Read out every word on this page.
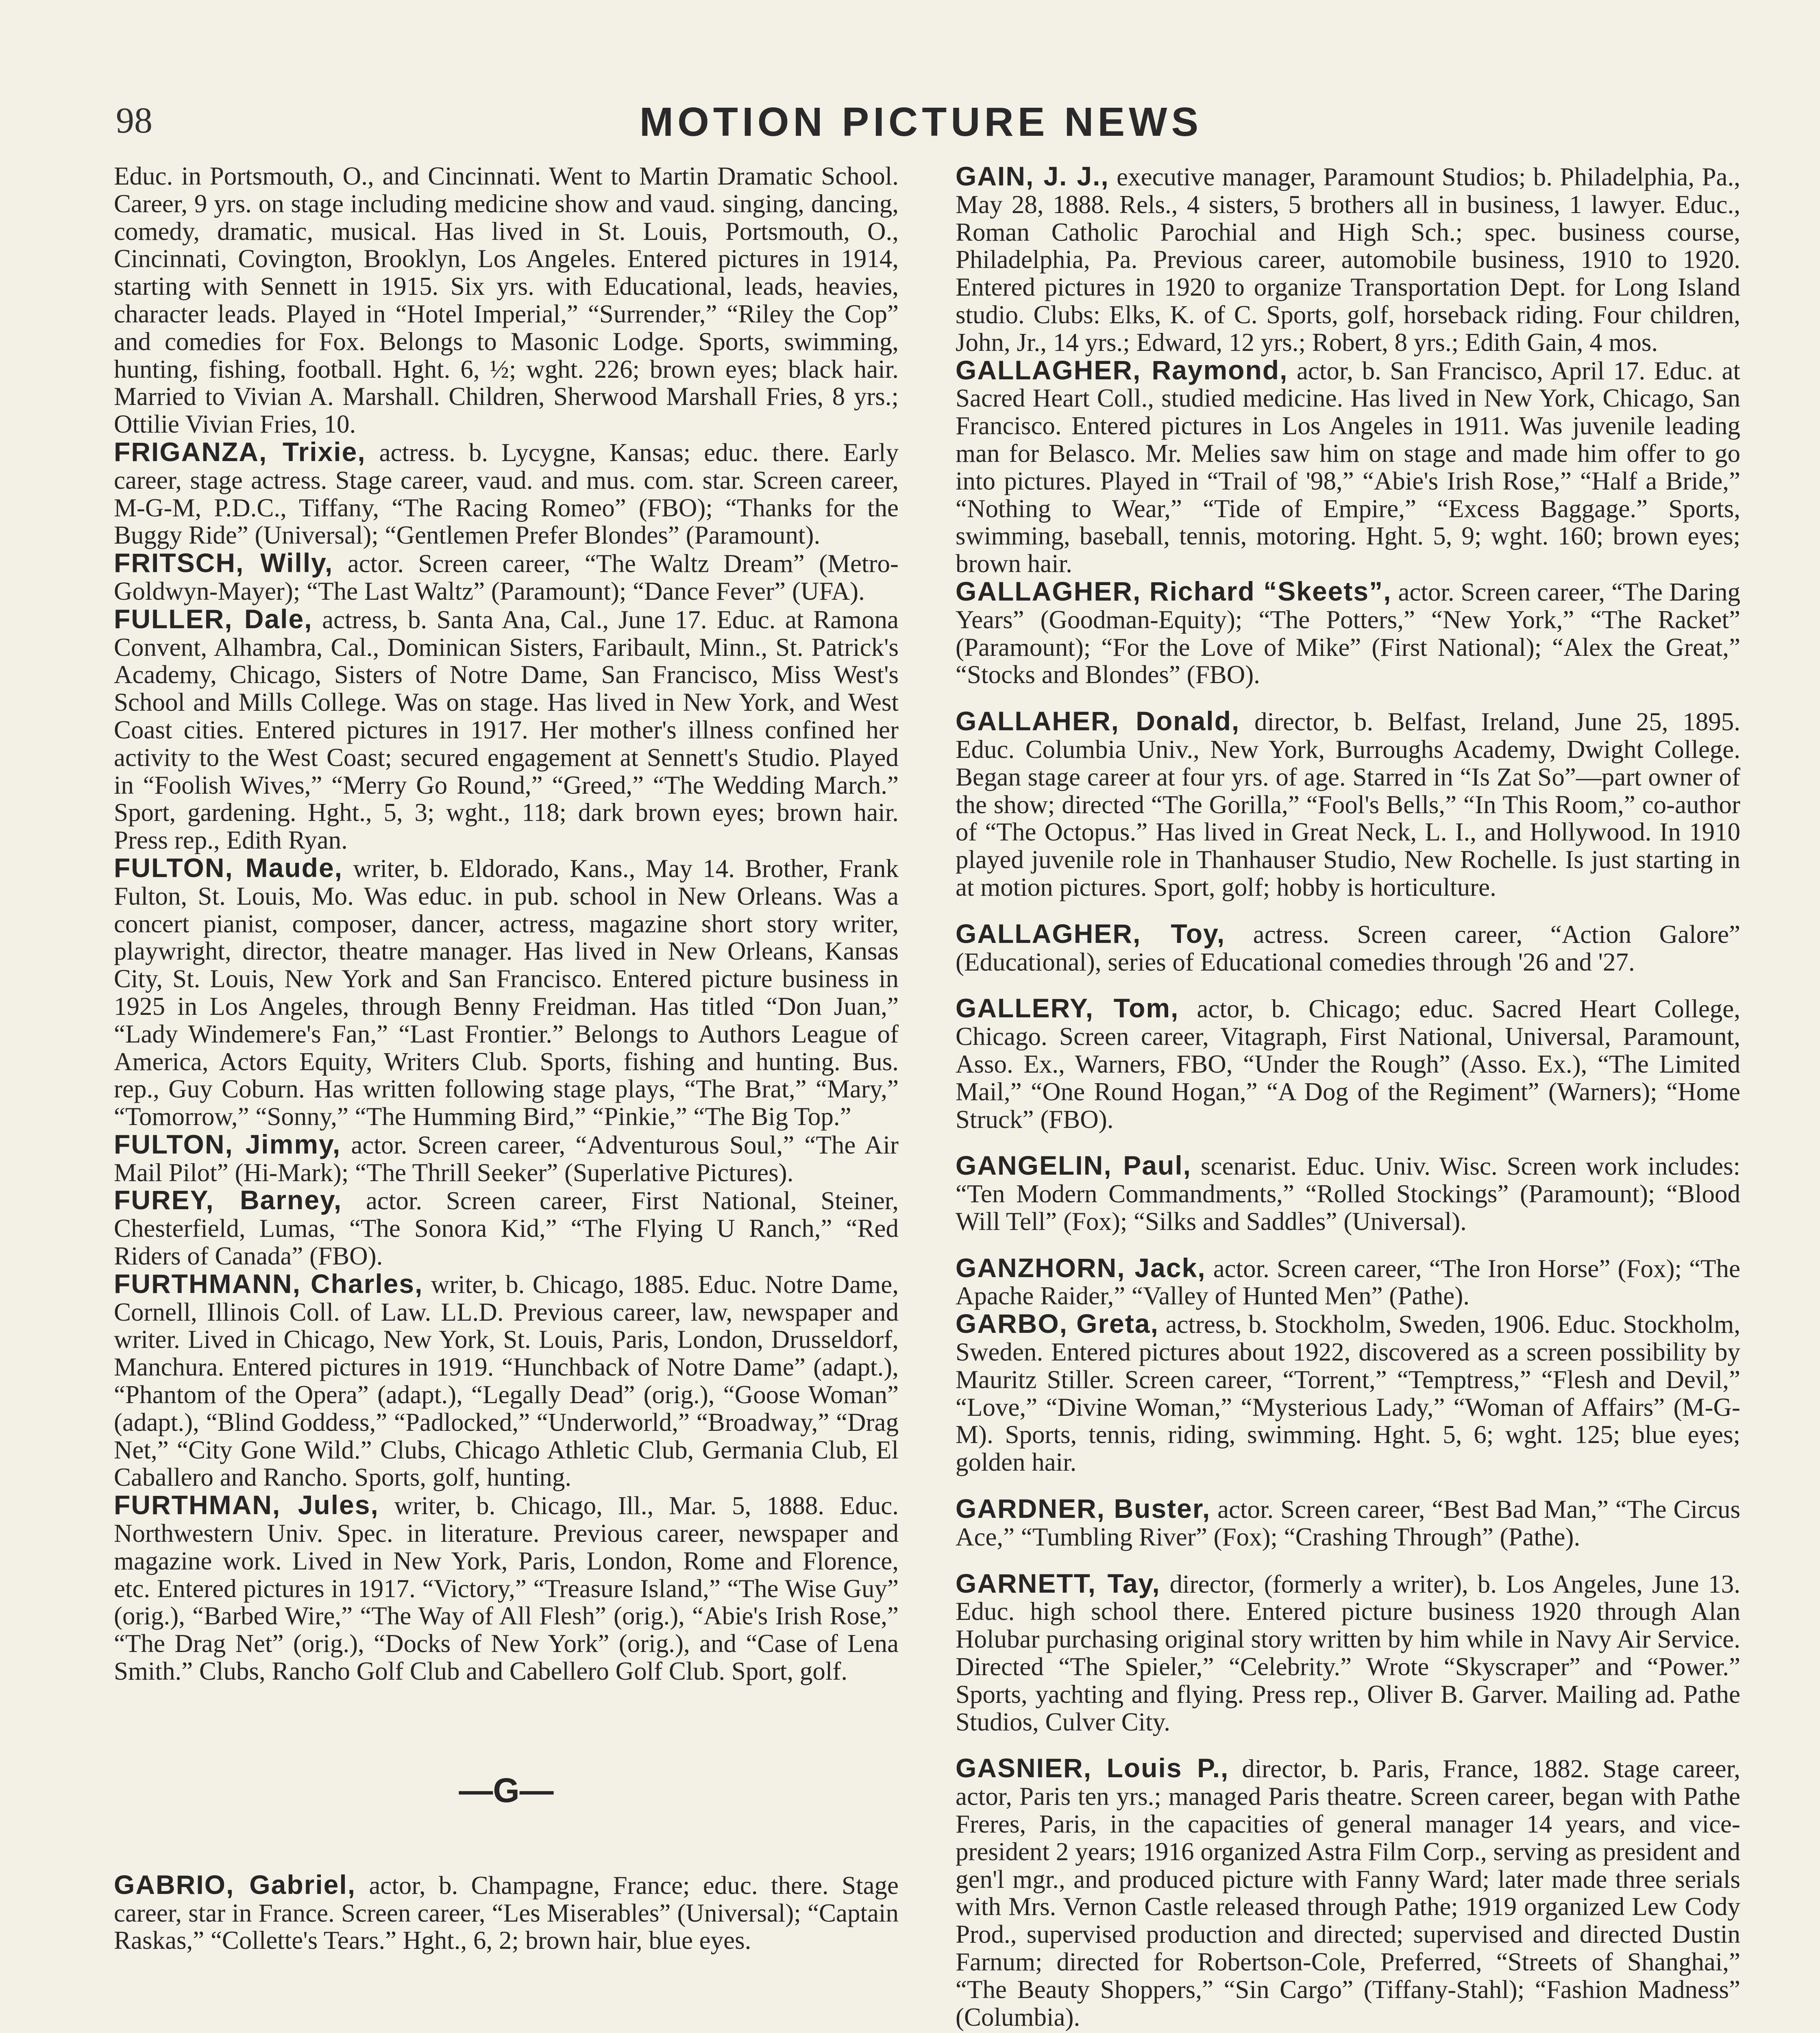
98	MOTION PICTURE NEWS

Educ. in Portsmouth, O., and Cincinnati. Went to Martin Dramatic School. Career, 9 yrs. on stage including medicine show and vaud. singing, dancing, comedy, dramatic, musical. Has lived in St. Louis, Portsmouth, O., Cincinnati, Covington, Brooklyn, Los Angeles. Entered pictures in 1914, starting with Sennett in 1915. Six yrs. with Educational, leads, heavies, character leads. Played in “Hotel Imperial,” “Surrender,” “Riley the Cop” and comedies for Fox. Belongs to Masonic Lodge. Sports, swimming, hunting, fishing, football. Hght. 6, ½; wght. 226; brown eyes; black hair. Married to Vivian A. Marshall. Children, Sherwood Marshall Fries, 8 yrs.; Ottilie Vivian Fries, 10.

FRIGANZA, Trixie, actress. b. Lycygne, Kansas; educ. there. Early career, stage actress. Stage career, vaud. and mus. com. star. Screen career, M-G-M, P.D.C., Tiffany, “The Racing Romeo” (FBO); “Thanks for the Buggy Ride” (Universal); “Gentlemen Prefer Blondes” (Paramount).

FRITSCH, Willy, actor. Screen career, “The Waltz Dream” (Metro-Goldwyn-Mayer); “The Last Waltz” (Paramount); “Dance Fever” (UFA).

FULLER, Dale, actress, b. Santa Ana, Cal., June 17. Educ. at Ramona Convent, Alhambra, Cal., Dominican Sisters, Faribault, Minn., St. Patrick's Academy, Chicago, Sisters of Notre Dame, San Francisco, Miss West's School and Mills College. Was on stage. Has lived in New York, and West Coast cities. Entered pictures in 1917. Her mother's illness confined her activity to the West Coast; secured engagement at Sennett's Studio. Played in “Foolish Wives,” “Merry Go Round,” “Greed,” “The Wedding March.” Sport, gardening. Hght., 5, 3; wght., 118; dark brown eyes; brown hair. Press rep., Edith Ryan.

FULTON, Maude, writer, b. Eldorado, Kans., May 14. Brother, Frank Fulton, St. Louis, Mo. Was educ. in pub. school in New Orleans. Was a concert pianist, composer, dancer, actress, magazine short story writer, playwright, director, theatre manager. Has lived in New Orleans, Kansas City, St. Louis, New York and San Francisco. Entered picture business in 1925 in Los Angeles, through Benny Freidman. Has titled “Don Juan,” “Lady Windemere's Fan,” “Last Frontier.” Belongs to Authors League of America, Actors Equity, Writers Club. Sports, fishing and hunting. Bus. rep., Guy Coburn. Has written following stage plays, “The Brat,” “Mary,” “Tomorrow,” “Sonny,” “The Humming Bird,” “Pinkie,” “The Big Top.”

FULTON, Jimmy, actor. Screen career, “Adventurous Soul,” “The Air Mail Pilot” (Hi-Mark); “The Thrill Seeker” (Superlative Pictures).

FUREY, Barney, actor. Screen career, First National, Steiner, Chesterfield, Lumas, “The Sonora Kid,” “The Flying U Ranch,” “Red Riders of Canada” (FBO).

FURTHMANN, Charles, writer, b. Chicago, 1885. Educ. Notre Dame, Cornell, Illinois Coll. of Law. LL.D. Previous career, law, newspaper and writer. Lived in Chicago, New York, St. Louis, Paris, London, Drusseldorf, Manchura. Entered pictures in 1919. “Hunchback of Notre Dame” (adapt.), “Phantom of the Opera” (adapt.), “Legally Dead” (orig.), “Goose Woman” (adapt.), “Blind Goddess,” “Padlocked,” “Underworld,” “Broadway,” “Drag Net,” “City Gone Wild.” Clubs, Chicago Athletic Club, Germania Club, El Caballero and Rancho. Sports, golf, hunting.

FURTHMAN, Jules, writer, b. Chicago, Ill., Mar. 5, 1888. Educ. Northwestern Univ. Spec. in literature. Previous career, newspaper and magazine work. Lived in New York, Paris, London, Rome and Florence, etc. Entered pictures in 1917. “Victory,” “Treasure Island,” “The Wise Guy” (orig.), “Barbed Wire,” “The Way of All Flesh” (orig.), “Abie's Irish Rose,” “The Drag Net” (orig.), “Docks of New York” (orig.), and “Case of Lena Smith.” Clubs, Rancho Golf Club and Cabellero Golf Club. Sport, golf.

—G—

GABRIO, Gabriel, actor, b. Champagne, France; educ. there. Stage career, star in France. Screen career, “Les Miserables” (Universal); “Captain Raskas,” “Collette's Tears.” Hght., 6, 2; brown hair, blue eyes.

GAIN, J. J., executive manager, Paramount Studios; b. Philadelphia, Pa., May 28, 1888. Rels., 4 sisters, 5 brothers all in business, 1 lawyer. Educ., Roman Catholic Parochial and High Sch.; spec. business course, Philadelphia, Pa. Previous career, automobile business, 1910 to 1920. Entered pictures in 1920 to organize Transportation Dept. for Long Island studio. Clubs: Elks, K. of C. Sports, golf, horseback riding. Four children, John, Jr., 14 yrs.; Edward, 12 yrs.; Robert, 8 yrs.; Edith Gain, 4 mos.

GALLAGHER, Raymond, actor, b. San Francisco, April 17. Educ. at Sacred Heart Coll., studied medicine. Has lived in New York, Chicago, San Francisco. Entered pictures in Los Angeles in 1911. Was juvenile leading man for Belasco. Mr. Melies saw him on stage and made him offer to go into pictures. Played in “Trail of '98,” “Abie's Irish Rose,” “Half a Bride,” “Nothing to Wear,” “Tide of Empire,” “Excess Baggage.” Sports, swimming, baseball, tennis, motoring. Hght. 5, 9; wght. 160; brown eyes; brown hair.

GALLAGHER, Richard “Skeets”, actor. Screen career, “The Daring Years” (Goodman-Equity); “The Potters,” “New York,” “The Racket” (Paramount); “For the Love of Mike” (First National); “Alex the Great,” “Stocks and Blondes” (FBO).

GALLAHER, Donald, director, b. Belfast, Ireland, June 25, 1895. Educ. Columbia Univ., New York, Burroughs Academy, Dwight College. Began stage career at four yrs. of age. Starred in “Is Zat So”—part owner of the show; directed “The Gorilla,” “Fool's Bells,” “In This Room,” co-author of “The Octopus.” Has lived in Great Neck, L. I., and Hollywood. In 1910 played juvenile role in Thanhauser Studio, New Rochelle. Is just starting in at motion pictures. Sport, golf; hobby is horticulture.

GALLAGHER, Toy, actress. Screen career, “Action Galore” (Educational), series of Educational comedies through '26 and '27.

GALLERY, Tom, actor, b. Chicago; educ. Sacred Heart College, Chicago. Screen career, Vitagraph, First National, Universal, Paramount, Asso. Ex., Warners, FBO, “Under the Rough” (Asso. Ex.), “The Limited Mail,” “One Round Hogan,” “A Dog of the Regiment” (Warners); “Home Struck” (FBO).

GANGELIN, Paul, scenarist. Educ. Univ. Wisc. Screen work includes: “Ten Modern Commandments,” “Rolled Stockings” (Paramount); “Blood Will Tell” (Fox); “Silks and Saddles” (Universal).

GANZHORN, Jack, actor. Screen career, “The Iron Horse” (Fox); “The Apache Raider,” “Valley of Hunted Men” (Pathe).

GARBO, Greta, actress, b. Stockholm, Sweden, 1906. Educ. Stockholm, Sweden. Entered pictures about 1922, discovered as a screen possibility by Mauritz Stiller. Screen career, “Torrent,” “Temptress,” “Flesh and Devil,” “Love,” “Divine Woman,” “Mysterious Lady,” “Woman of Affairs” (M-G-M). Sports, tennis, riding, swimming. Hght. 5, 6; wght. 125; blue eyes; golden hair.

GARDNER, Buster, actor. Screen career, “Best Bad Man,” “The Circus Ace,” “Tumbling River” (Fox); “Crashing Through” (Pathe).

GARNETT, Tay, director, (formerly a writer), b. Los Angeles, June 13. Educ. high school there. Entered picture business 1920 through Alan Holubar purchasing original story written by him while in Navy Air Service. Directed “The Spieler,” “Celebrity.” Wrote “Skyscraper” and “Power.” Sports, yachting and flying. Press rep., Oliver B. Garver. Mailing ad. Pathe Studios, Culver City.

GASNIER, Louis P., director, b. Paris, France, 1882. Stage career, actor, Paris ten yrs.; managed Paris theatre. Screen career, began with Pathe Freres, Paris, in the capacities of general manager 14 years, and vice-president 2 years; 1916 organized Astra Film Corp., serving as president and gen'l mgr., and produced picture with Fanny Ward; later made three serials with Mrs. Vernon Castle released through Pathe; 1919 organized Lew Cody Prod., supervised production and directed; supervised and directed Dustin Farnum; directed for Robertson-Cole, Preferred, “Streets of Shanghai,” “The Beauty Shoppers,” “Sin Cargo” (Tiffany-Stahl); “Fashion Madness” (Columbia).
